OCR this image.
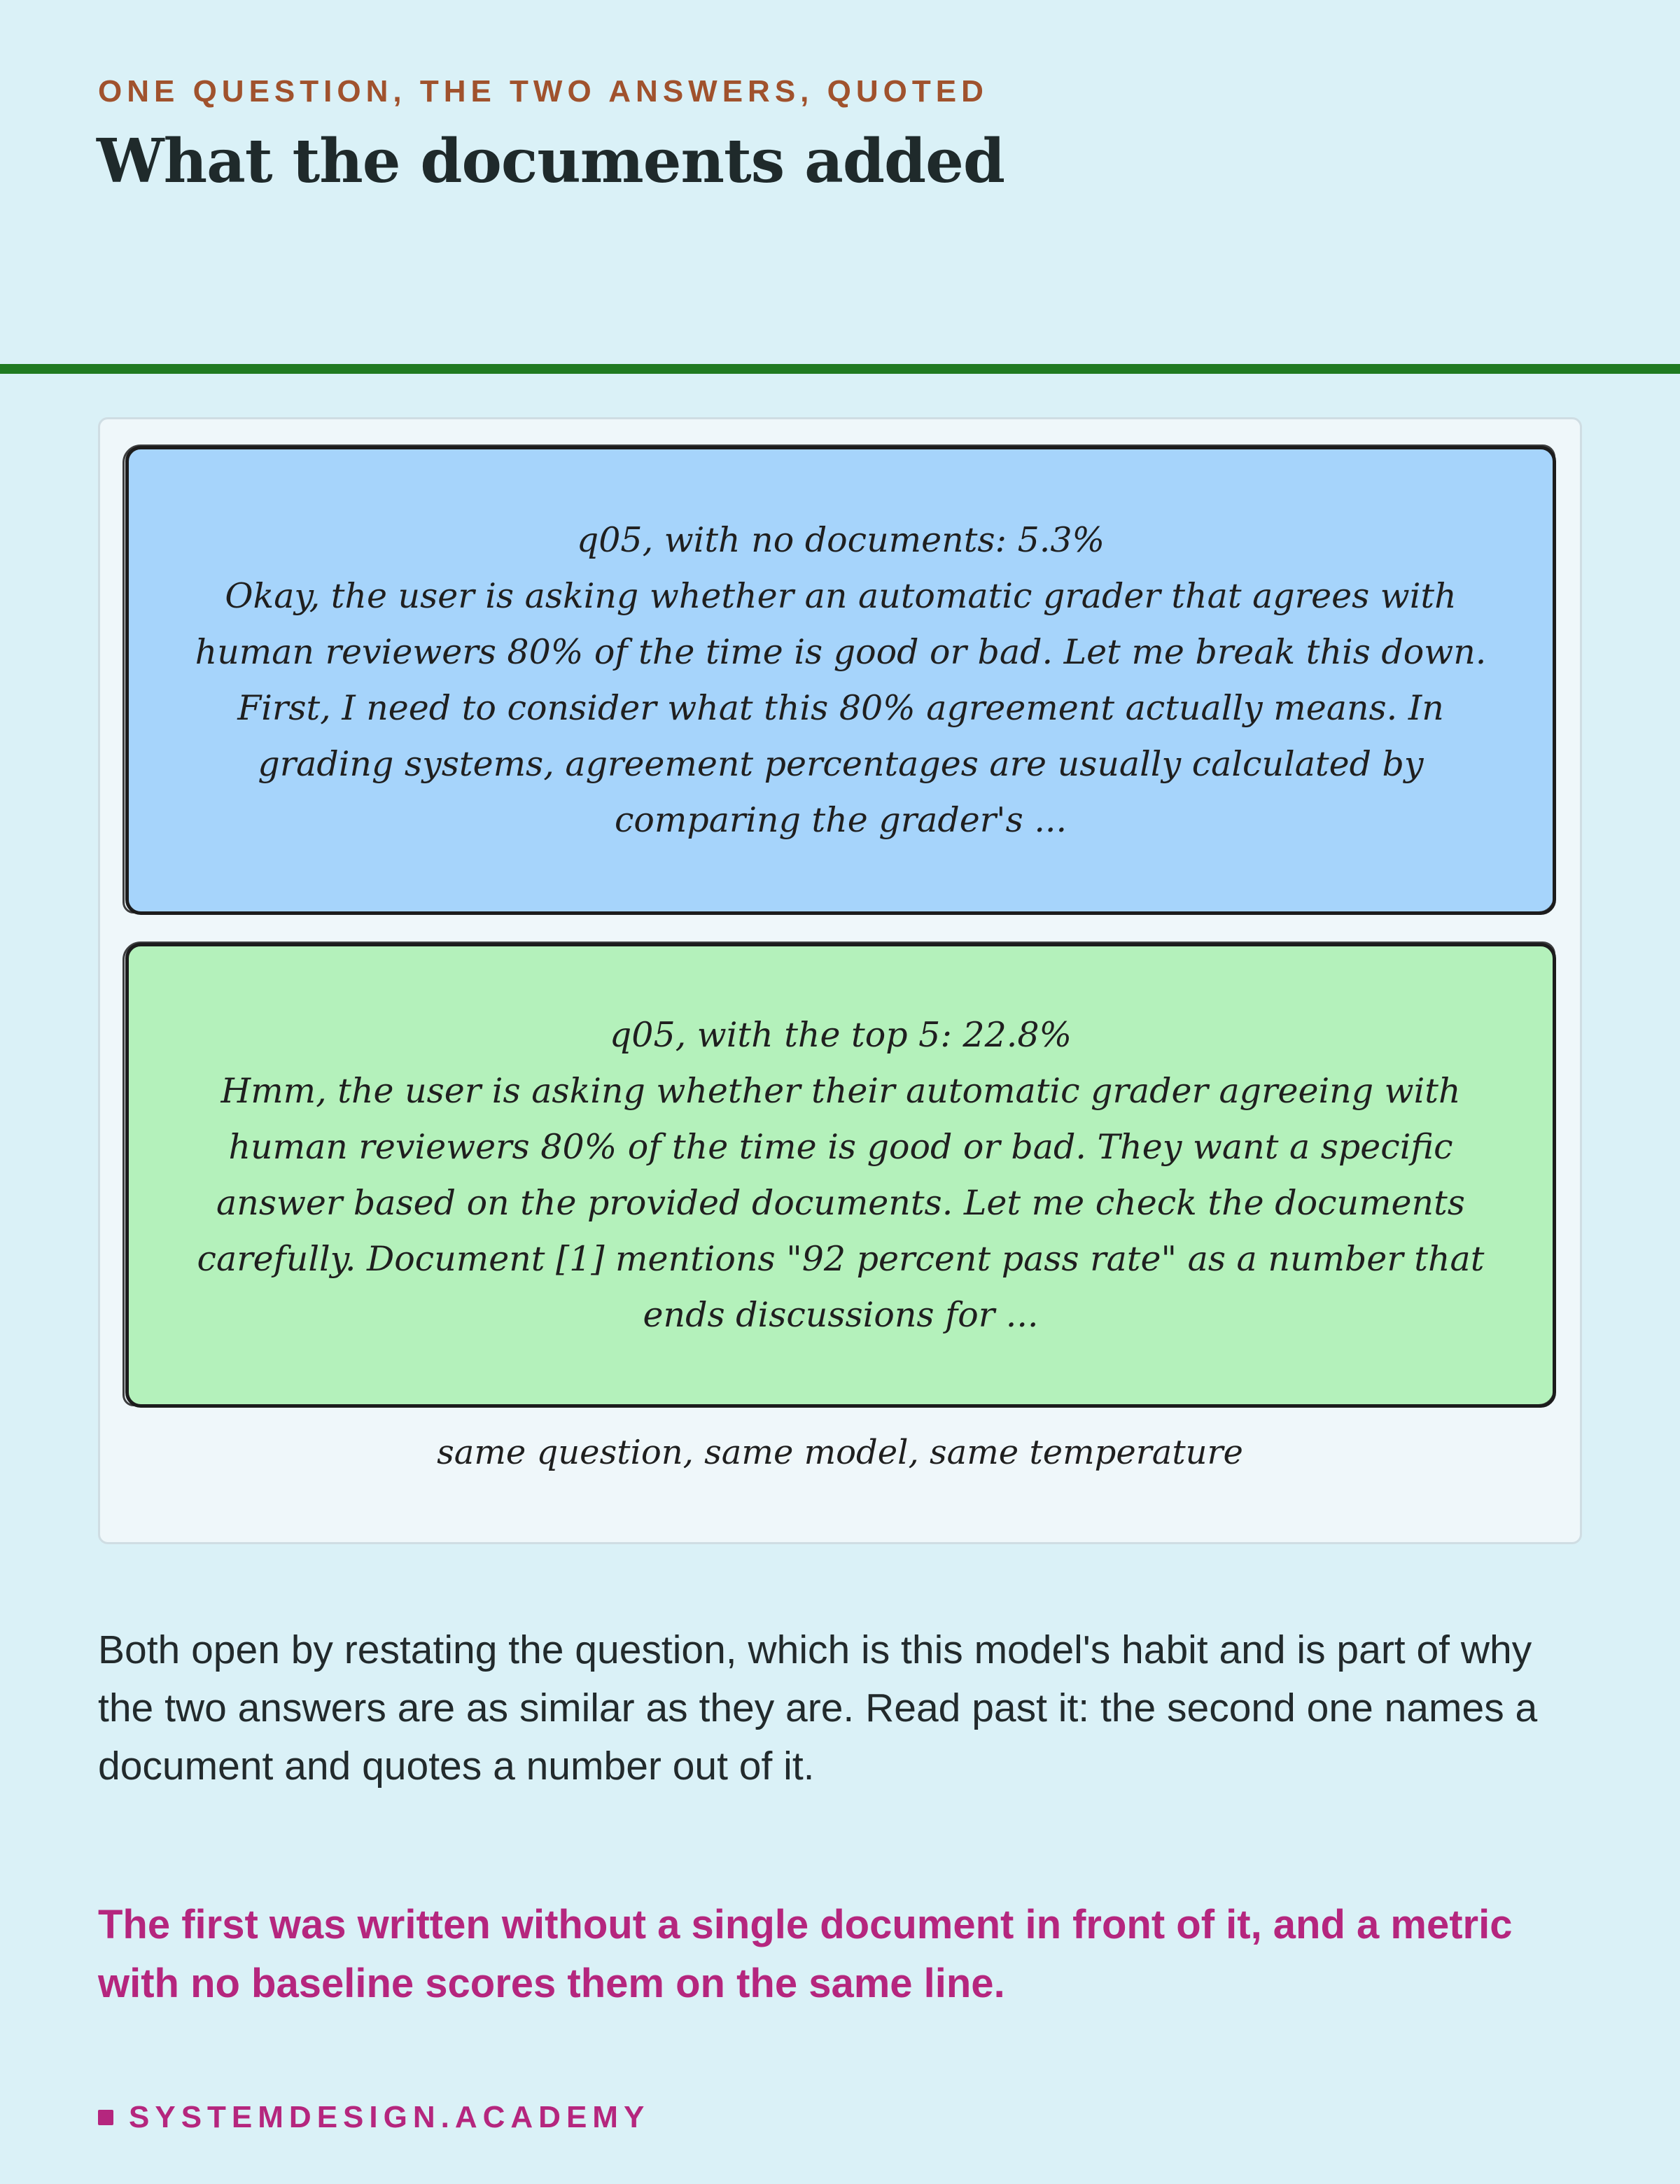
ONE QUESTION, THE TWO ANSWERS, QUOTED
What the documents added

q05, with no documents: 5.3%

Okay, the user is asking whether an automatic grader that agrees with human reviewers 80% of the time is good or bad. Let me break this down. First, I need to consider what this 80% agreement actually means. In grading systems, agreement percentages are usually calculated by comparing the grader's ...

q05, with the top 5: 22.8%

Hmm, the user is asking whether their automatic grader agreeing with human reviewers 80% of the time is good or bad. They want a specific answer based on the provided documents. Let me check the documents carefully. Document [1] mentions "92 percent pass rate" as a number that ends discussions for ...

same question, same model, same temperature

Both open by restating the question, which is this model's habit and is part of why the two answers are as similar as they are. Read past it: the second one names a document and quotes a number out of it.

The first was written without a single document in front of it, and a metric with no baseline scores them on the same line.

SYSTEMDESIGN.ACADEMY
